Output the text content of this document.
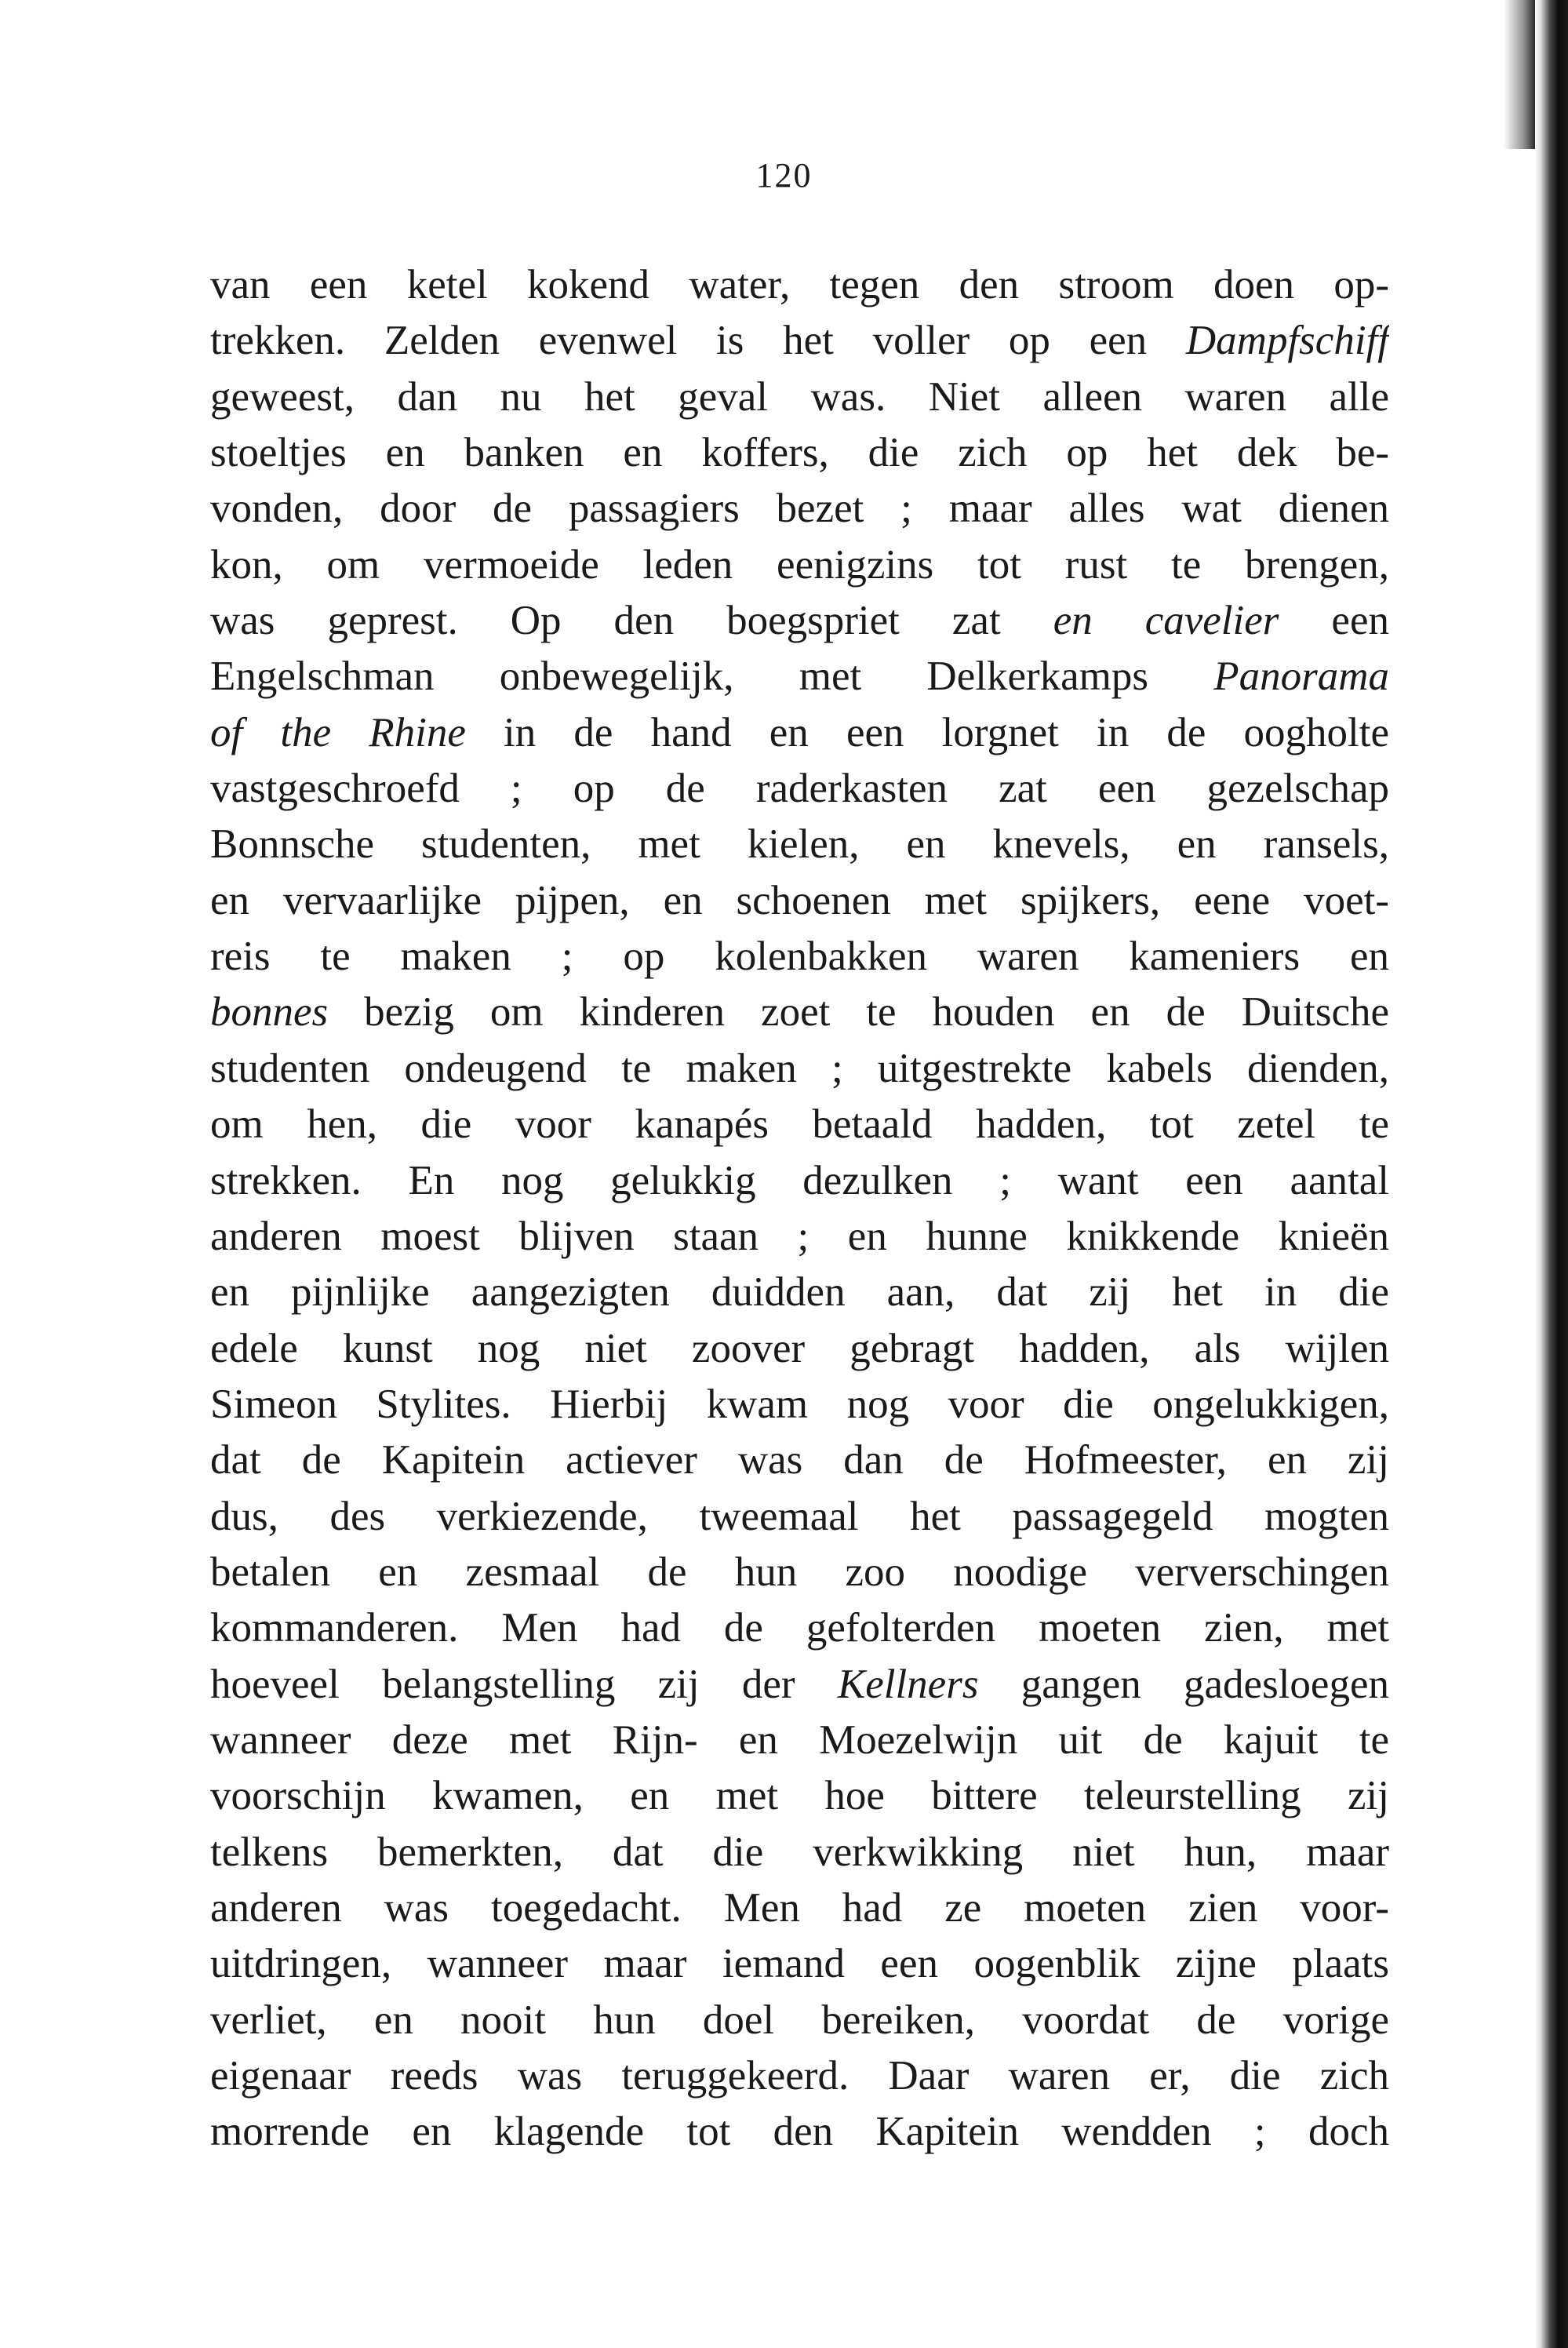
120
van een ketel kokend water, tegen den stroom doen op-
trekken. Zelden evenwel is het voller op een Dampfschiff
geweest, dan nu het geval was. Niet alleen waren alle
stoeltjes en banken en koffers, die zich op het dek be-
vonden, door de passagiers bezet ; maar alles wat dienen
kon, om vermoeide leden eenigzins tot rust te brengen,
was geprest. Op den boegspriet zat en cavelier een
Engelschman onbewegelijk, met Delkerkamps Panorama
of the Rhine in de hand en een lorgnet in de oogholte
vastgeschroefd ; op de raderkasten zat een gezelschap
Bonnsche studenten, met kielen, en knevels, en ransels,
en vervaarlijke pijpen, en schoenen met spijkers, eene voet-
reis te maken ; op kolenbakken waren kameniers en
bonnes bezig om kinderen zoet te houden en de Duitsche
studenten ondeugend te maken ; uitgestrekte kabels dienden,
om hen, die voor kanapés betaald hadden, tot zetel te
strekken. En nog gelukkig dezulken ; want een aantal
anderen moest blijven staan ; en hunne knikkende knieën
en pijnlijke aangezigten duidden aan, dat zij het in die
edele kunst nog niet zoover gebragt hadden, als wijlen
Simeon Stylites. Hierbij kwam nog voor die ongelukkigen,
dat de Kapitein actiever was dan de Hofmeester, en zij
dus, des verkiezende, tweemaal het passagegeld mogten
betalen en zesmaal de hun zoo noodige ververschingen
kommanderen. Men had de gefolterden moeten zien, met
hoeveel belangstelling zij der Kellners gangen gadesloegen
wanneer deze met Rijn- en Moezelwijn uit de kajuit te
voorschijn kwamen, en met hoe bittere teleurstelling zij
telkens bemerkten, dat die verkwikking niet hun, maar
anderen was toegedacht. Men had ze moeten zien voor-
uitdringen, wanneer maar iemand een oogenblik zijne plaats
verliet, en nooit hun doel bereiken, voordat de vorige
eigenaar reeds was teruggekeerd. Daar waren er, die zich
morrende en klagende tot den Kapitein wendden ; doch
